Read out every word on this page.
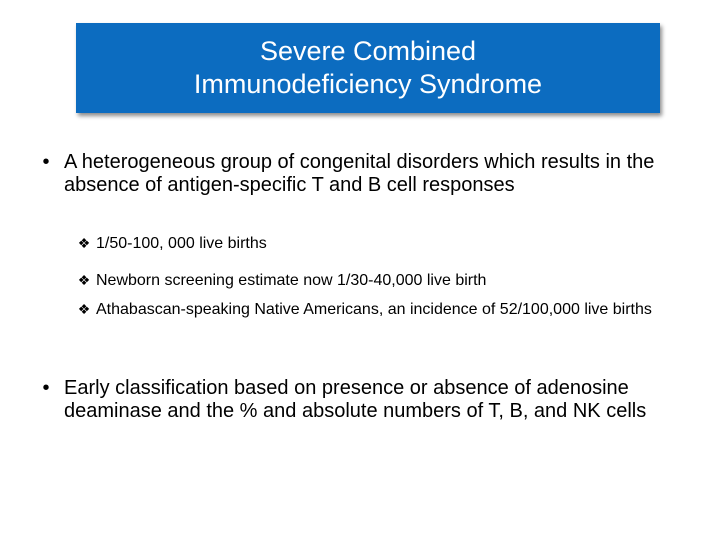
Severe Combined
Immunodeficiency Syndrome
• A heterogeneous group of congenital disorders which results in the absence of antigen-specific T and B cell responses
❖ 1/50-100, 000 live births
❖ Newborn screening estimate now 1/30-40,000 live birth
❖ Athabascan-speaking Native Americans, an incidence of 52/100,000 live births
• Early classification based on presence or absence of adenosine deaminase and the % and absolute numbers of T, B, and NK cells
